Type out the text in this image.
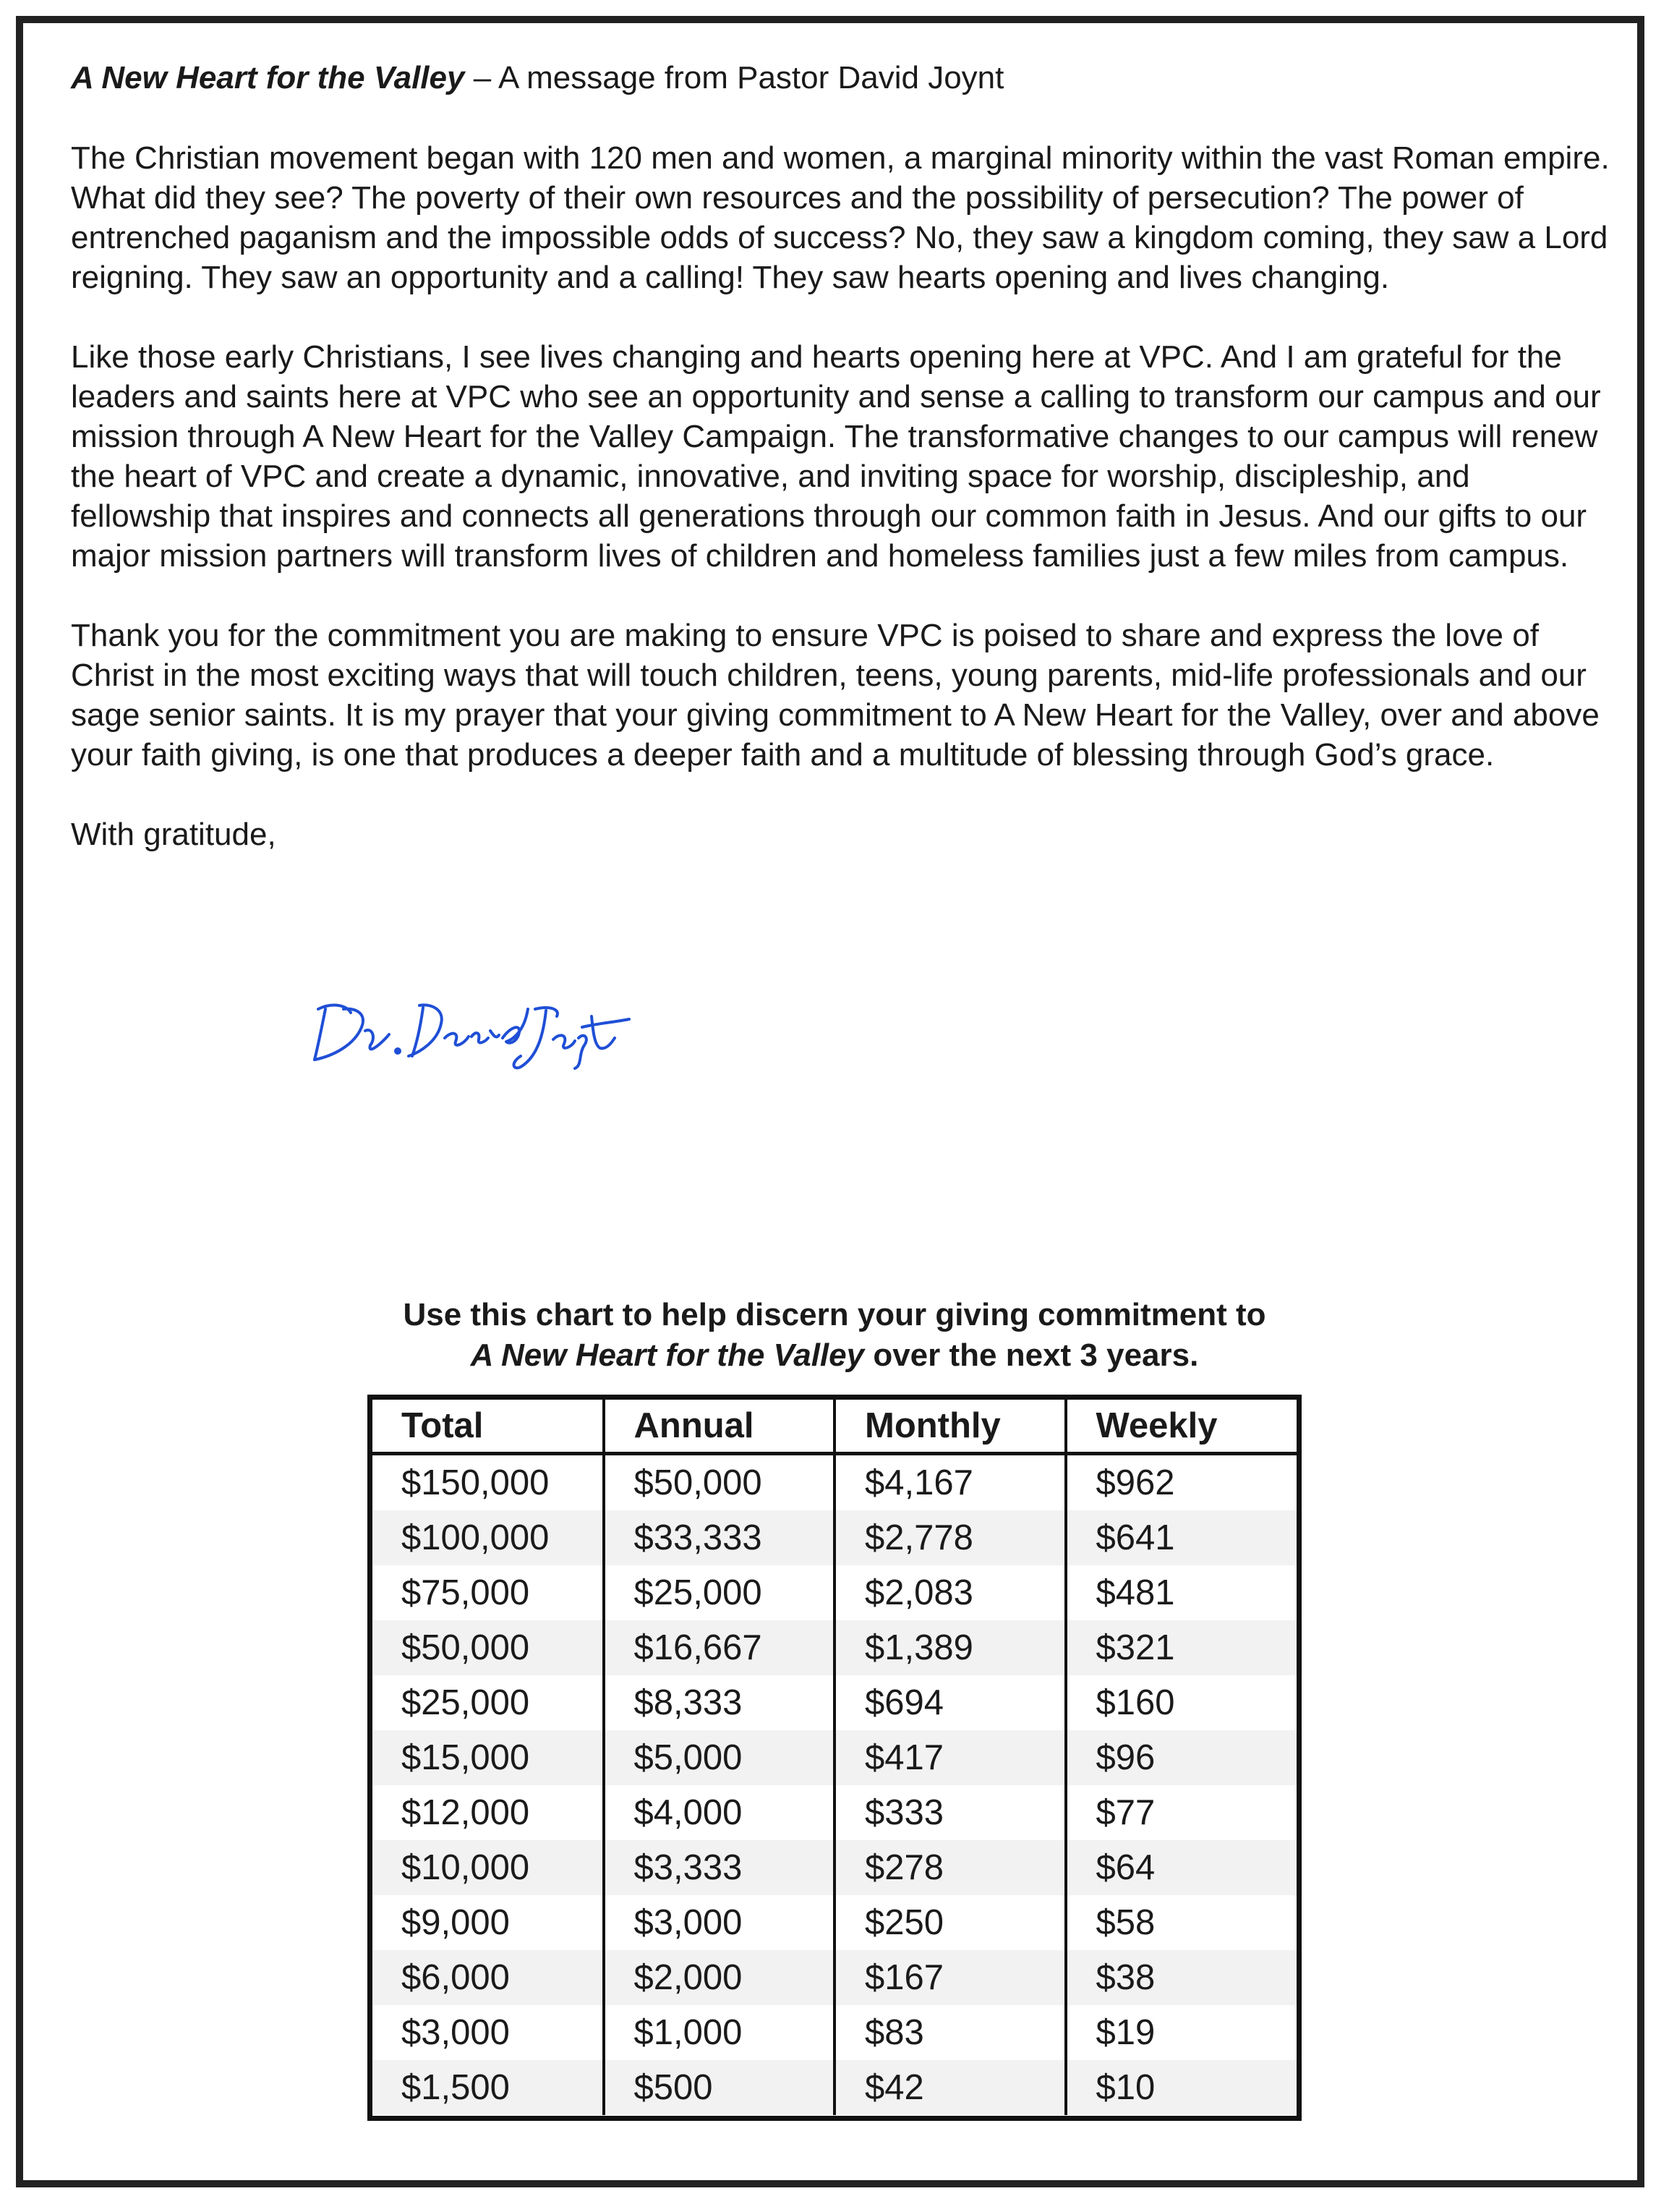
A New Heart for the Valley – A message from Pastor David Joynt

The Christian movement began with 120 men and women, a marginal minority within the vast Roman empire. What did they see? The poverty of their own resources and the possibility of persecution? The power of entrenched paganism and the impossible odds of success? No, they saw a kingdom coming, they saw a Lord reigning. They saw an opportunity and a calling! They saw hearts opening and lives changing.

Like those early Christians, I see lives changing and hearts opening here at VPC. And I am grateful for the leaders and saints here at VPC who see an opportunity and sense a calling to transform our campus and our mission through A New Heart for the Valley Campaign. The transformative changes to our campus will renew the heart of VPC and create a dynamic, innovative, and inviting space for worship, discipleship, and fellowship that inspires and connects all generations through our common faith in Jesus. And our gifts to our major mission partners will transform lives of children and homeless families just a few miles from campus.

Thank you for the commitment you are making to ensure VPC is poised to share and express the love of Christ in the most exciting ways that will touch children, teens, young parents, mid-life professionals and our sage senior saints. It is my prayer that your giving commitment to A New Heart for the Valley, over and above your faith giving, is one that produces a deeper faith and a multitude of blessing through God’s grace.

With gratitude,
Use this chart to help discern your giving commitment to
A New Heart for the Valley over the next 3 years.
Total	Annual	Monthly	Weekly
$150,000	$50,000	$4,167	$962
$100,000	$33,333	$2,778	$641
$75,000	$25,000	$2,083	$481
$50,000	$16,667	$1,389	$321
$25,000	$8,333	$694	$160
$15,000	$5,000	$417	$96
$12,000	$4,000	$333	$77
$10,000	$3,333	$278	$64
$9,000	$3,000	$250	$58
$6,000	$2,000	$167	$38
$3,000	$1,000	$83	$19
$1,500	$500	$42	$10
